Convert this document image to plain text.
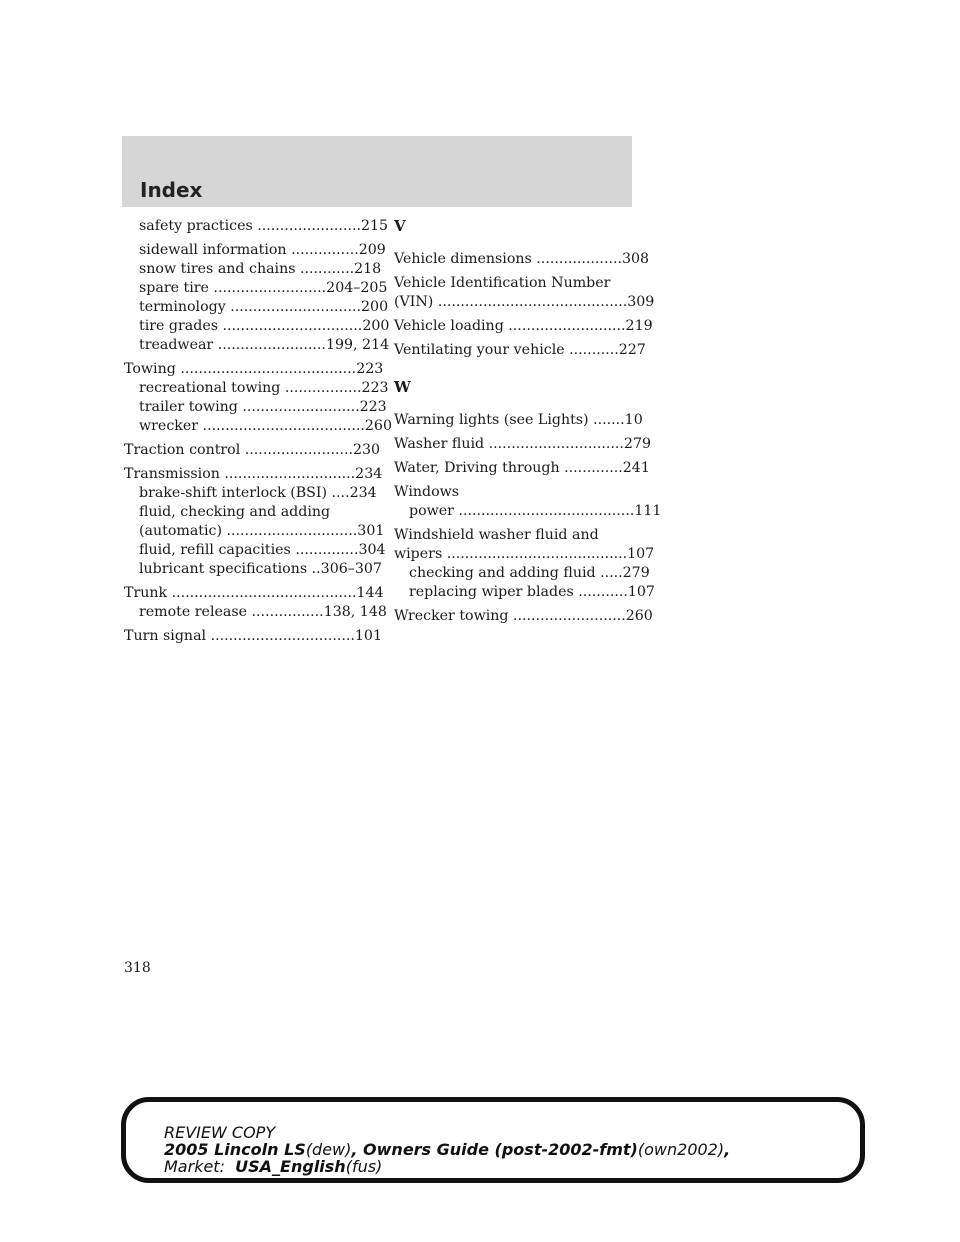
Index
safety practices .......................215
sidewall information ...............209
snow tires and chains ............218
spare tire .........................204–205
terminology .............................200
tire grades ...............................200
treadwear ........................199, 214
Towing .......................................223
recreational towing .................223
trailer towing ..........................223
wrecker ....................................260
Traction control ........................230
Transmission .............................234
brake-shift interlock (BSI) ....234
fluid, checking and adding
(automatic) .............................301
fluid, refill capacities ..............304
lubricant specifications ..306–307
Trunk .........................................144
remote release ................138, 148
Turn signal ................................101
V
Vehicle dimensions ...................308
Vehicle Identification Number
(VIN) ..........................................309
Vehicle loading ..........................219
Ventilating your vehicle ...........227
W
Warning lights (see Lights) .......10
Washer fluid ..............................279
Water, Driving through .............241
Windows
power .......................................111
Windshield washer fluid and
wipers ........................................107
checking and adding fluid .....279
replacing wiper blades ...........107
Wrecker towing .........................260
318
REVIEW COPY
2005 Lincoln LS(dew), Owners Guide (post-2002-fmt)(own2002),
Market:  USA_English(fus)
